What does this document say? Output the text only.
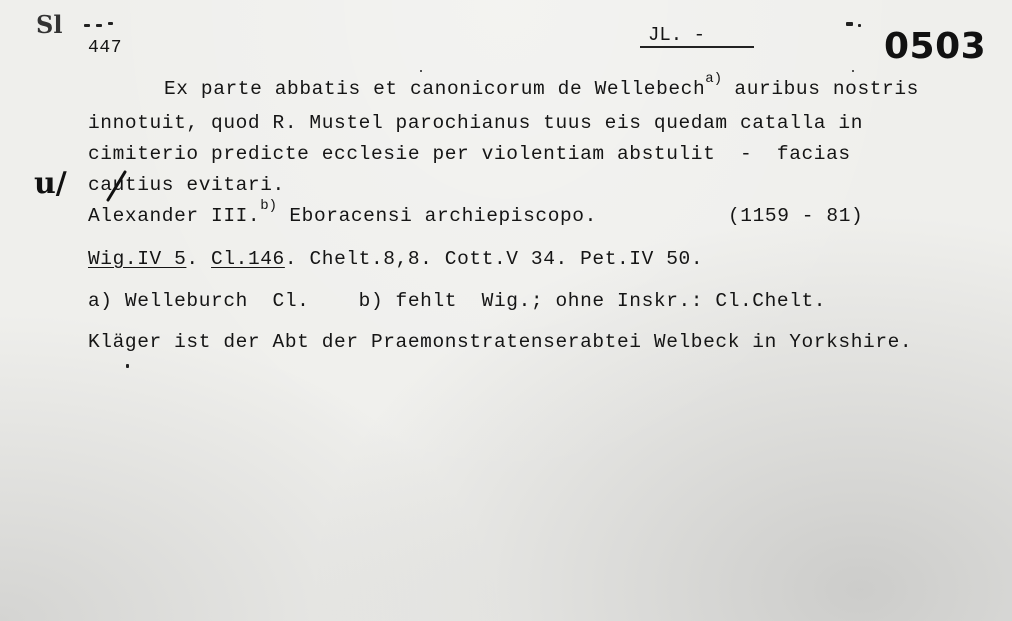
Sl
447
JL. -	0503
Ex parte abbatis et canonicorum de Wellebech$^{a)}$ auribus nostris
innotuit, quod R. Mustel parochianus tuus eis quedam catalla in
cimiterio predicte ecclesie per violentiam abstulit  -  facias
u/ cautius evitari.
Alexander III.$^{b)}$ Eboracensi archiepiscopo.	(1159 - 81)
Wig.IV 5. Cl.146. Chelt.8,8. Cott.V 34. Pet.IV 50.
a) Welleburch  Cl.    b) fehlt  Wig.; ohne Inskr.: Cl.Chelt.
Kläger ist der Abt der Praemonstratenserabtei Welbeck in Yorkshire.
